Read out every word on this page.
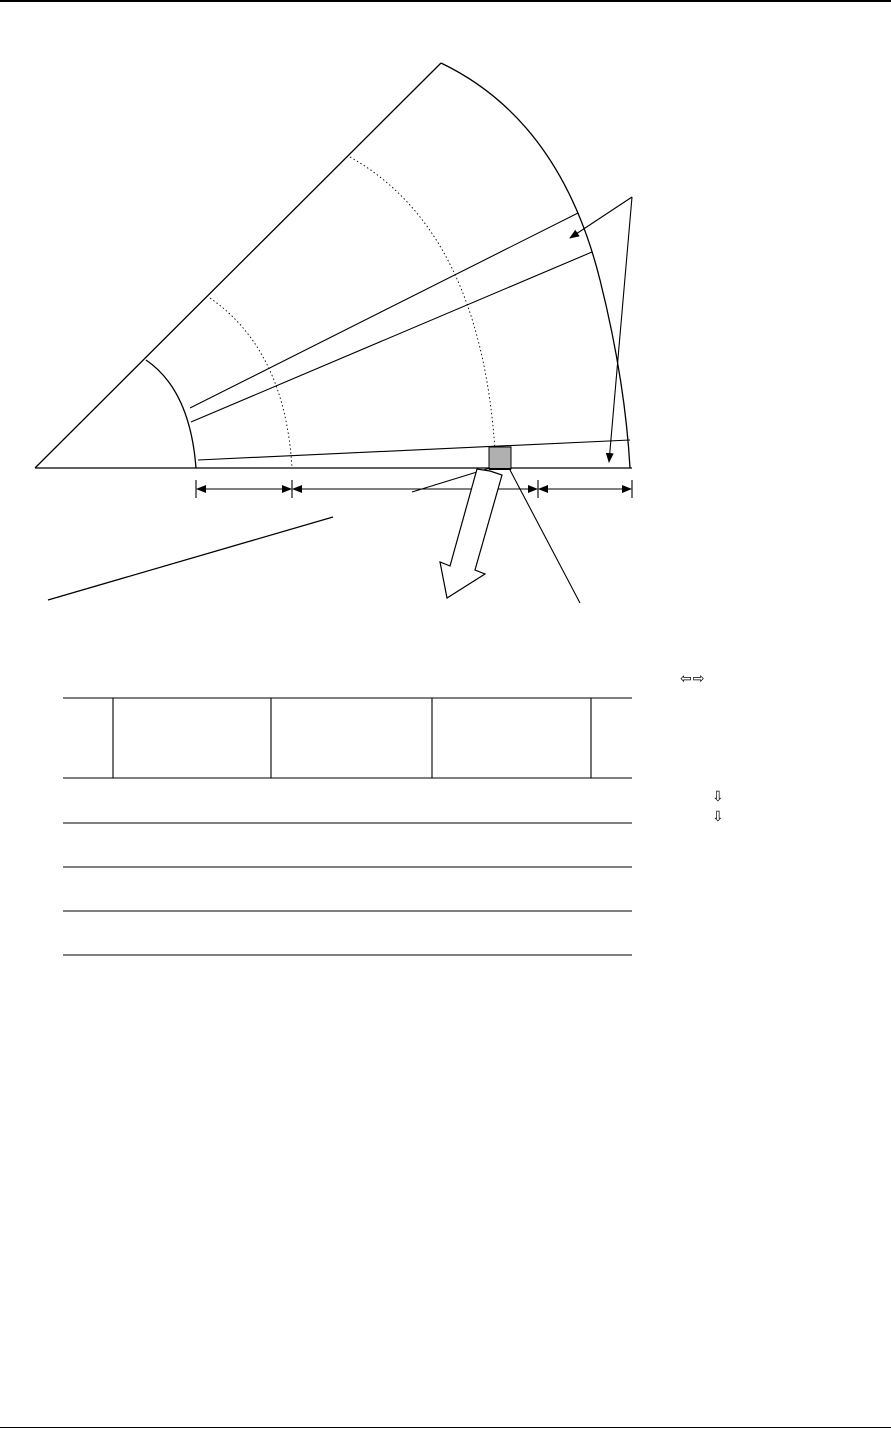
⇦⇨
⇩
⇩
